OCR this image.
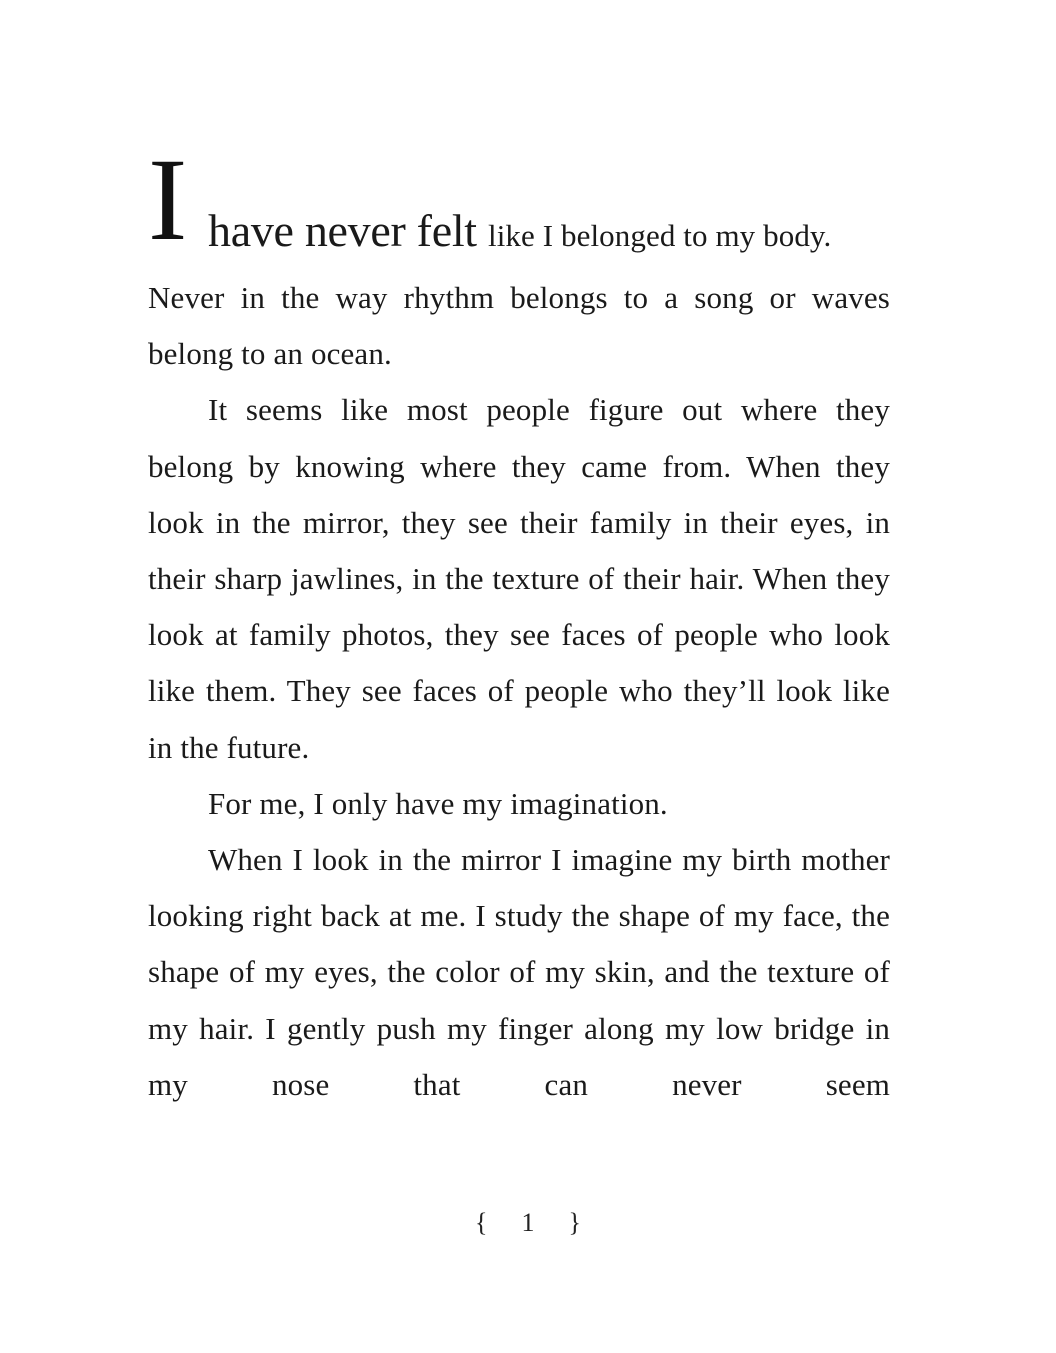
I have never felt like I belonged to my body.

Never in the way rhythm belongs to a song or waves belong to an ocean.

It seems like most people figure out where they belong by knowing where they came from. When they look in the mirror, they see their family in their eyes, in their sharp jawlines, in the texture of their hair. When they look at family photos, they see faces of people who look like them. They see faces of people who they’ll look like in the future.

For me, I only have my imagination.

When I look in the mirror I imagine my birth mother looking right back at me. I study the shape of my face, the shape of my eyes, the color of my skin, and the texture of my hair. I gently push my finger along my low bridge in my nose that can never seem

{ 1 }
